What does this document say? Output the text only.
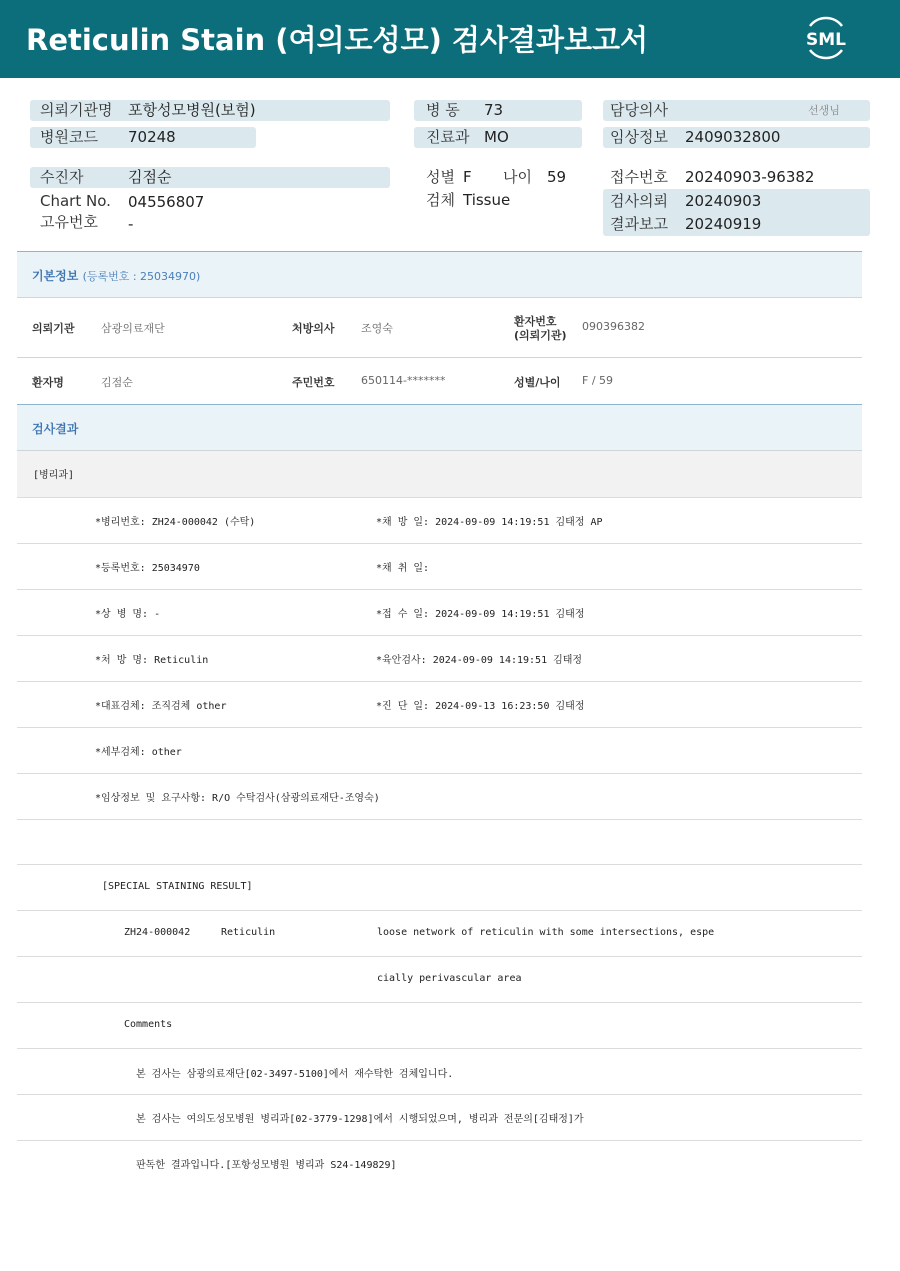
Reticulin Stain (여의도성모) 검사결과보고서	SML
의뢰기관명 포항성모병원(보험)
병원코드 70248
병 동 73
진료과 MO
담당의사	선생님
임상정보 2409032800
수진자	김점순
Chart No. 04556807
고유번호 -
성별 F 나이 59
검체 Tissue
접수번호 20240903-96382
검사의뢰 20240903
결과보고 20240919
기본정보 (등록번호 : 25034970)
의뢰기관 삼광의료재단	처방의사 조영숙
환자번호
(의뢰기관)
090396382
환자명	김점순	주민번호 650114-*******	성별/나이 F / 59
검사결과
[병리과]
*병리번호: ZH24-000042 (수탁)	*채 방 일: 2024-09-09 14:19:51 김태정 AP
*등록번호: 25034970	*채 취 일:
*상 병 명: -	*접 수 일: 2024-09-09 14:19:51 김태정
*처 방 명: Reticulin	*육안검사: 2024-09-09 14:19:51 김태정
*대표검체: 조직검체 other	*진 단 일: 2024-09-13 16:23:50 김태정
*세부검체: other
*임상정보 및 요구사항: R/O 수탁검사(삼광의료재단-조영숙)
[SPECIAL STAINING RESULT]
ZH24-000042	Reticulin	loose network of reticulin with some intersections, espe
cially perivascular area
Comments
본 검사는 삼광의료재단[02-3497-5100]에서 재수탁한 검체입니다.
본 검사는 여의도성모병원 병리과[02-3779-1298]에서 시행되었으며, 병리과 전문의[김태정]가
판독한 결과입니다.[포항성모병원 병리과 S24-149829]
